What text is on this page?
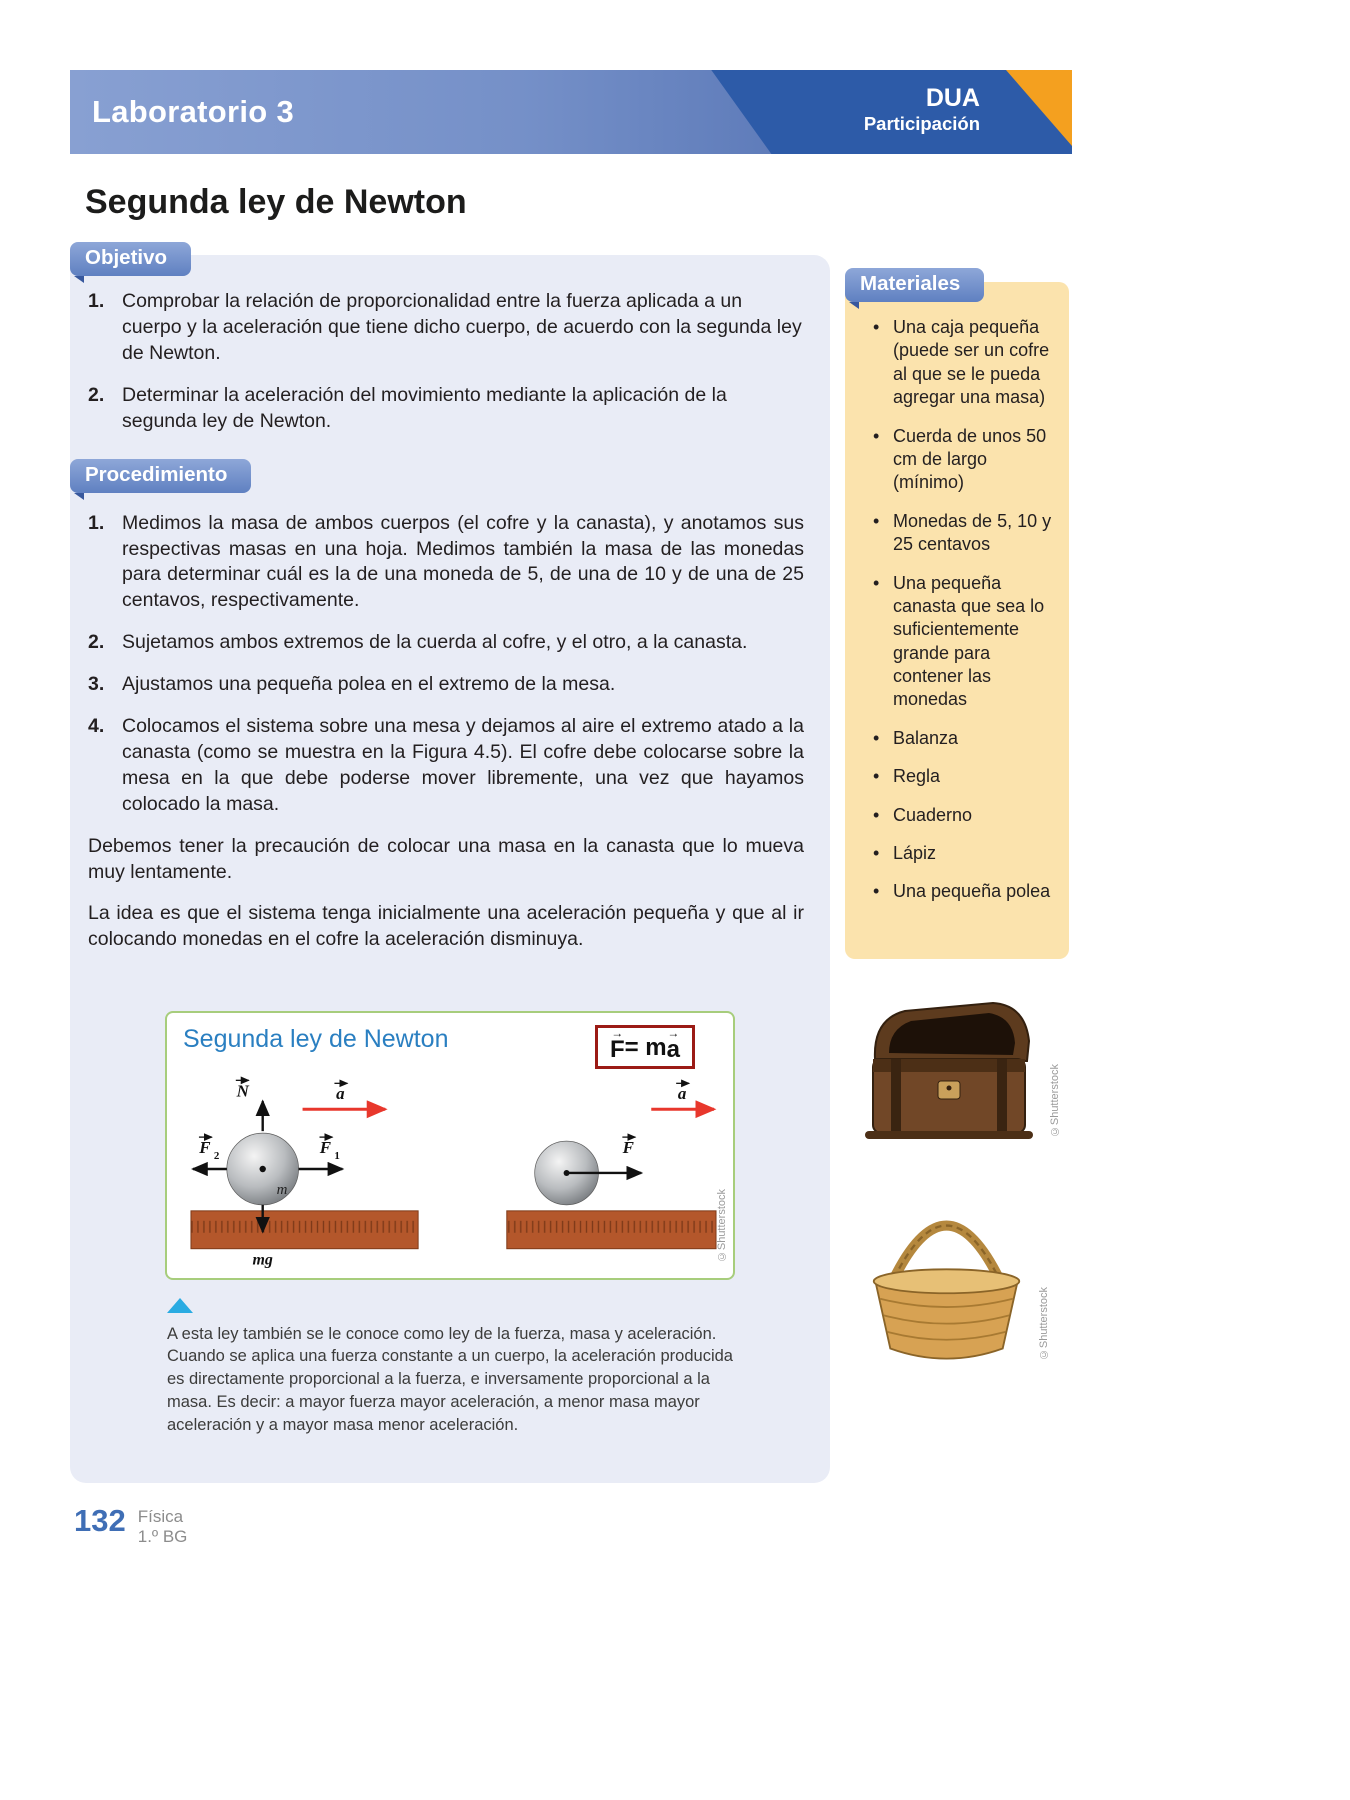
Laboratorio 3	DUA
Participación
Segunda ley de Newton
Objetivo
1. Comprobar la relación de proporcionalidad entre la fuerza aplicada a un cuerpo y la aceleración que tiene dicho cuerpo, de acuerdo con la segunda ley de Newton.
2. Determinar la aceleración del movimiento mediante la aplicación de la segunda ley de Newton.
Procedimiento
1. Medimos la masa de ambos cuerpos (el cofre y la canasta), y anotamos sus respectivas masas en una hoja. Medimos también la masa de las monedas para determinar cuál es la de una moneda de 5, de una de 10 y de una de 25 centavos, respectivamente.
2. Sujetamos ambos extremos de la cuerda al cofre, y el otro, a la canasta.
3. Ajustamos una pequeña polea en el extremo de la mesa.
4. Colocamos el sistema sobre una mesa y dejamos al aire el extremo atado a la canasta (como se muestra en la Figura 4.5). El cofre debe colocarse sobre la mesa en la que debe poderse mover libremente, una vez que hayamos colocado la masa.

Debemos tener la precaución de colocar una masa en la canasta que lo mueva muy lentamente.

La idea es que el sistema tenga inicialmente una aceleración pequeña y que al ir colocando monedas en el cofre la aceleración disminuya.

Segunda ley de Newton	→
F = m
→
a
N	a
F 2	F 1
m
mg
F
a
©Shutterstock

A esta ley también se le conoce como ley de la fuerza, masa y aceleración. Cuando se aplica una fuerza constante a un cuerpo, la aceleración producida es directamente proporcional a la fuerza, e inversamente proporcional a la masa. Es decir: a mayor fuerza mayor aceleración, a menor masa mayor aceleración y a mayor masa menor aceleración.

Materiales
• Una caja pequeña (puede ser un cofre al que se le pueda agregar una masa)
• Cuerda de unos 50 cm de largo (mínimo)
• Monedas de 5, 10 y 25 centavos
• Una pequeña canasta que sea lo suficientemente grande para contener las monedas
• Balanza
• Regla
• Cuaderno
• Lápiz
• Una pequeña polea
©Shutterstock
©Shutterstock
132 Física
1.º BG
